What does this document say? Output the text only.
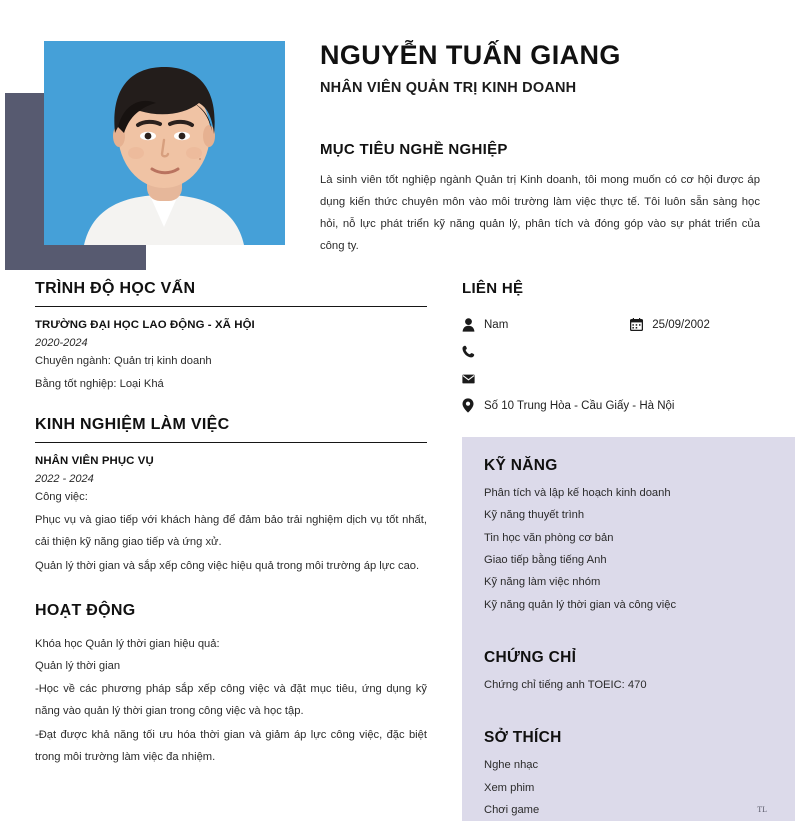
NGUYỄN TUẤN GIANG
NHÂN VIÊN QUẢN TRỊ KINH DOANH
MỤC TIÊU NGHỀ NGHIỆP

Là sinh viên tốt nghiệp ngành Quản trị Kinh doanh, tôi mong muốn có cơ hội được áp dụng kiến thức chuyên môn vào môi trường làm việc thực tế. Tôi luôn sẵn sàng học hỏi, nỗ lực phát triển kỹ năng quản lý, phân tích và đóng góp vào sự phát triển của công ty.

TRÌNH ĐỘ HỌC VẤN
TRƯỜNG ĐẠI HỌC LAO ĐỘNG - XÃ HỘI
2020-2024
Chuyên ngành: Quản trị kinh doanh
Bằng tốt nghiệp: Loại Khá
KINH NGHIỆM LÀM VIỆC
NHÂN VIÊN PHỤC VỤ
2022 - 2024
Công việc:

Phục vụ và giao tiếp với khách hàng để đảm bảo trải nghiệm dịch vụ tốt nhất, cải thiện kỹ năng giao tiếp và ứng xử.

Quản lý thời gian và sắp xếp công việc hiệu quả trong môi trường áp lực cao.

HOẠT ĐỘNG
Khóa học Quản lý thời gian hiệu quả:
Quản lý thời gian

-Học về các phương pháp sắp xếp công việc và đặt mục tiêu, ứng dụng kỹ năng vào quản lý thời gian trong công việc và học tập.

-Đạt được khả năng tối ưu hóa thời gian và giảm áp lực công việc, đặc biệt trong môi trường làm việc đa nhiệm.

LIÊN HỆ
Nam	25/09/2002
Số 10 Trung Hòa - Cầu Giấy - Hà Nội
KỸ NĂNG
Phân tích và lập kế hoạch kinh doanh
Kỹ năng thuyết trình
Tin học văn phòng cơ bản
Giao tiếp bằng tiếng Anh
Kỹ năng làm việc nhóm
Kỹ năng quản lý thời gian và công việc
CHỨNG CHỈ
Chứng chỉ tiếng anh TOEIC: 470
SỞ THÍCH
Nghe nhạc
Xem phim
Chơi game	TL
